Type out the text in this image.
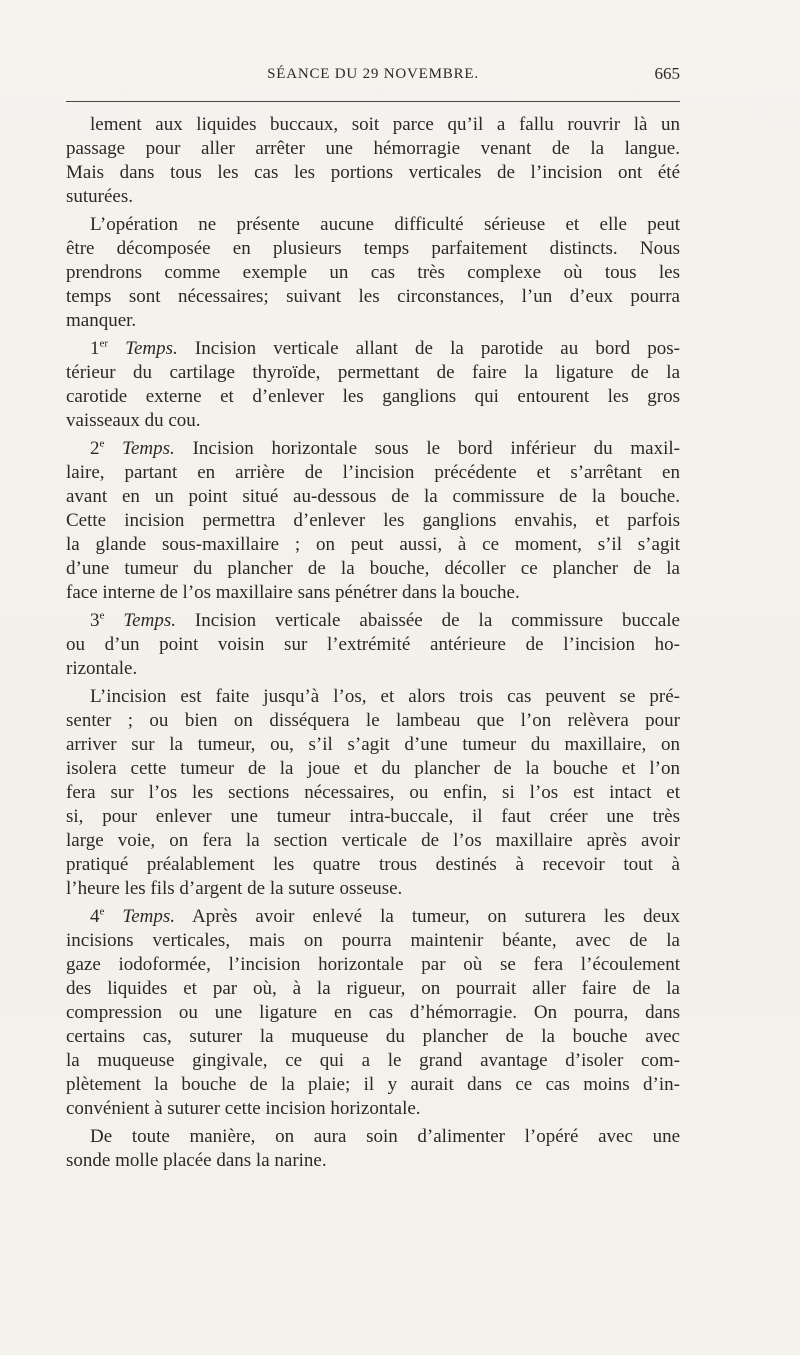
SÉANCE DU 29 NOVEMBRE.	665

lement aux liquides buccaux, soit parce qu’il a fallu rouvrir là un
passage pour aller arrêter une hémorragie venant de la langue.
Mais dans tous les cas les portions verticales de l’incision ont été
suturées.

L’opération ne présente aucune difficulté sérieuse et elle peut
être décomposée en plusieurs temps parfaitement distincts. Nous
prendrons comme exemple un cas très complexe où tous les
temps sont nécessaires; suivant les circonstances, l’un d’eux pourra
manquer.

1er Temps. Incision verticale allant de la parotide au bord pos-
térieur du cartilage thyroïde, permettant de faire la ligature de la
carotide externe et d’enlever les ganglions qui entourent les gros
vaisseaux du cou.

2e Temps. Incision horizontale sous le bord inférieur du maxil-
laire, partant en arrière de l’incision précédente et s’arrêtant en
avant en un point situé au-dessous de la commissure de la bouche.
Cette incision permettra d’enlever les ganglions envahis, et parfois
la glande sous-maxillaire ; on peut aussi, à ce moment, s’il s’agit
d’une tumeur du plancher de la bouche, décoller ce plancher de la
face interne de l’os maxillaire sans pénétrer dans la bouche.

3e Temps. Incision verticale abaissée de la commissure buccale
ou d’un point voisin sur l’extrémité antérieure de l’incision ho-
rizontale.

L’incision est faite jusqu’à l’os, et alors trois cas peuvent se pré-
senter ; ou bien on disséquera le lambeau que l’on relèvera pour
arriver sur la tumeur, ou, s’il s’agit d’une tumeur du maxillaire, on
isolera cette tumeur de la joue et du plancher de la bouche et l’on
fera sur l’os les sections nécessaires, ou enfin, si l’os est intact et
si, pour enlever une tumeur intra-buccale, il faut créer une très
large voie, on fera la section verticale de l’os maxillaire après avoir
pratiqué préalablement les quatre trous destinés à recevoir tout à
l’heure les fils d’argent de la suture osseuse.

4e Temps. Après avoir enlevé la tumeur, on suturera les deux
incisions verticales, mais on pourra maintenir béante, avec de la
gaze iodoformée, l’incision horizontale par où se fera l’écoulement
des liquides et par où, à la rigueur, on pourrait aller faire de la
compression ou une ligature en cas d’hémorragie. On pourra, dans
certains cas, suturer la muqueuse du plancher de la bouche avec
la muqueuse gingivale, ce qui a le grand avantage d’isoler com-
plètement la bouche de la plaie; il y aurait dans ce cas moins d’in-
convénient à suturer cette incision horizontale.

De toute manière, on aura soin d’alimenter l’opéré avec une
sonde molle placée dans la narine.
